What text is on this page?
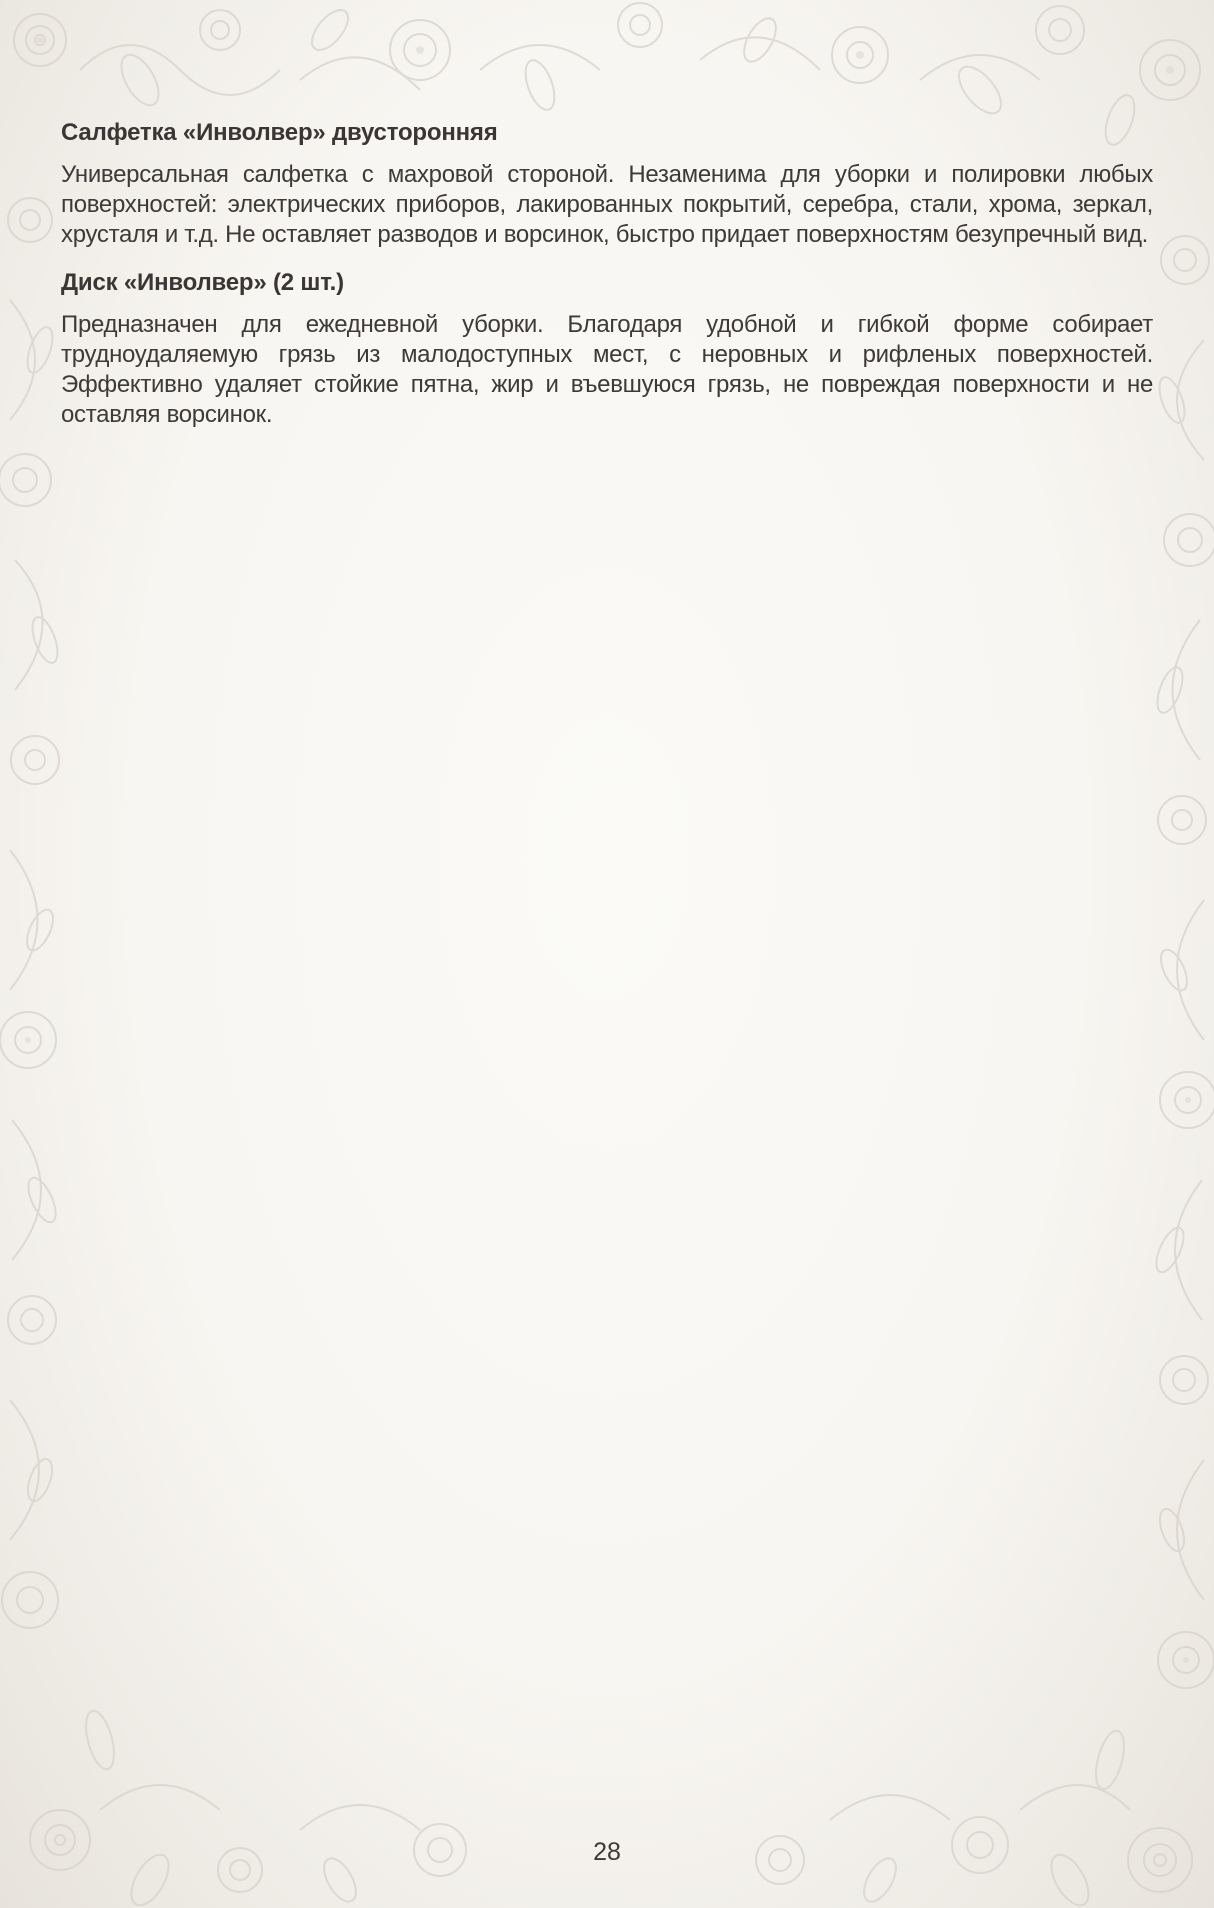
Салфетка «Инволвер» двусторонняя

Универсальная салфетка с махровой стороной. Незаменима для уборки и полировки любых поверхностей: электрических приборов, лакированных покрытий, серебра, стали, хрома, зеркал, хрусталя и т.д. Не оставляет разводов и ворсинок, быстро придает поверхностям безупречный вид.

Диск «Инволвер» (2 шт.)

Предназначен для ежедневной уборки. Благодаря удобной и гибкой форме собирает трудноудаляемую грязь из малодоступных мест, с неровных и рифленых поверхностей. Эффективно удаляет стойкие пятна, жир и въевшуюся грязь, не повреждая поверхности и не оставляя ворсинок.

28
